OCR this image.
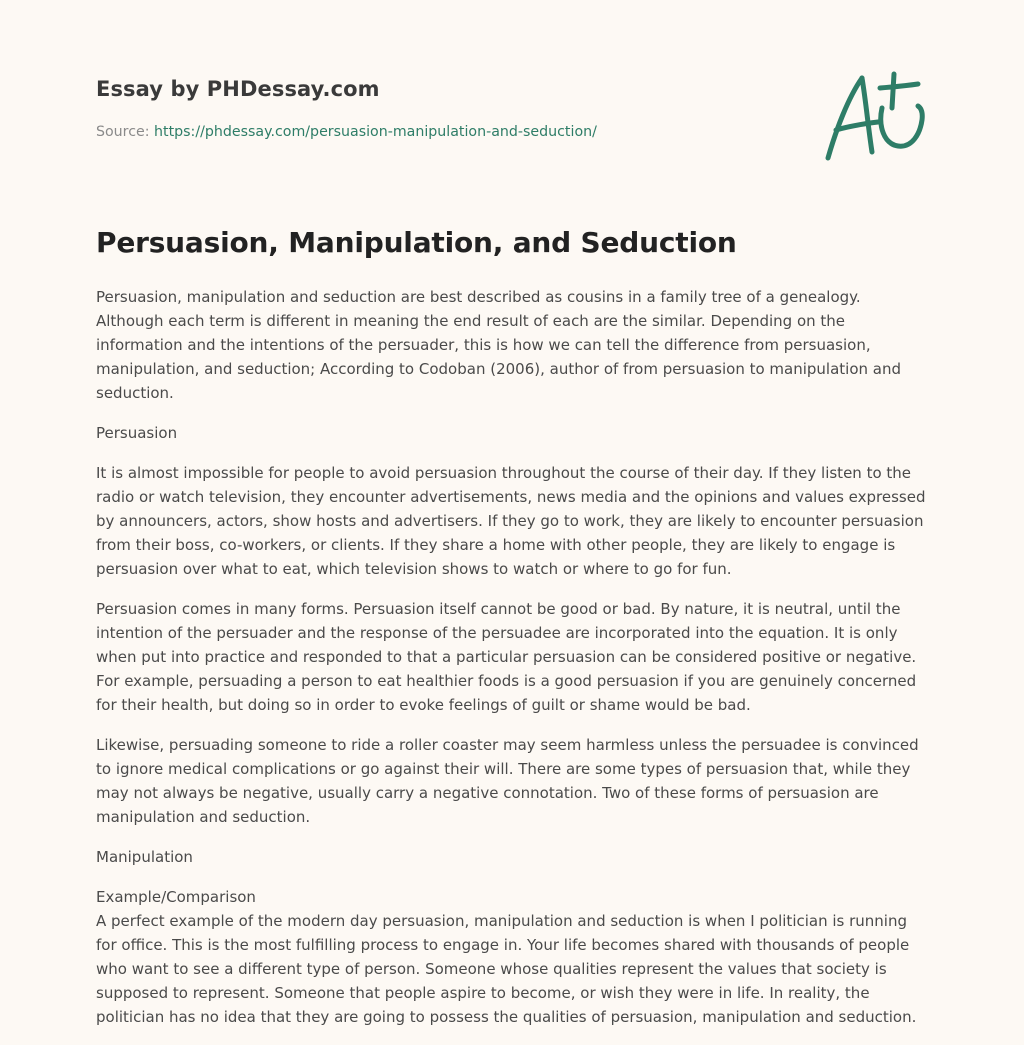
Essay by PHDessay.com
Source: https://phdessay.com/persuasion-manipulation-and-seduction/
Persuasion, Manipulation, and Seduction

Persuasion, manipulation and seduction are best described as cousins in a family tree of a genealogy. Although each term is different in meaning the end result of each are the similar. Depending on the information and the intentions of the persuader, this is how we can tell the difference from persuasion, manipulation, and seduction; According to Codoban (2006), author of from persuasion to manipulation and seduction.

Persuasion

It is almost impossible for people to avoid persuasion throughout the course of their day. If they listen to the radio or watch television, they encounter advertisements, news media and the opinions and values expressed by announcers, actors, show hosts and advertisers. If they go to work, they are likely to encounter persuasion from their boss, co-workers, or clients. If they share a home with other people, they are likely to engage is persuasion over what to eat, which television shows to watch or where to go for fun.

Persuasion comes in many forms. Persuasion itself cannot be good or bad. By nature, it is neutral, until the intention of the persuader and the response of the persuadee are incorporated into the equation. It is only when put into practice and responded to that a particular persuasion can be considered positive or negative. For example, persuading a person to eat healthier foods is a good persuasion if you are genuinely concerned for their health, but doing so in order to evoke feelings of guilt or shame would be bad.

Likewise, persuading someone to ride a roller coaster may seem harmless unless the persuadee is convinced to ignore medical complications or go against their will. There are some types of persuasion that, while they may not always be negative, usually carry a negative connotation. Two of these forms of persuasion are manipulation and seduction.

Manipulation

Example/Comparison

A perfect example of the modern day persuasion, manipulation and seduction is when I politician is running for office. This is the most fulfilling process to engage in. Your life becomes shared with thousands of people who want to see a different type of person. Someone whose qualities represent the values that society is supposed to represent. Someone that people aspire to become, or wish they were in life. In reality, the politician has no idea that they are going to possess the qualities of persuasion, manipulation and seduction.
